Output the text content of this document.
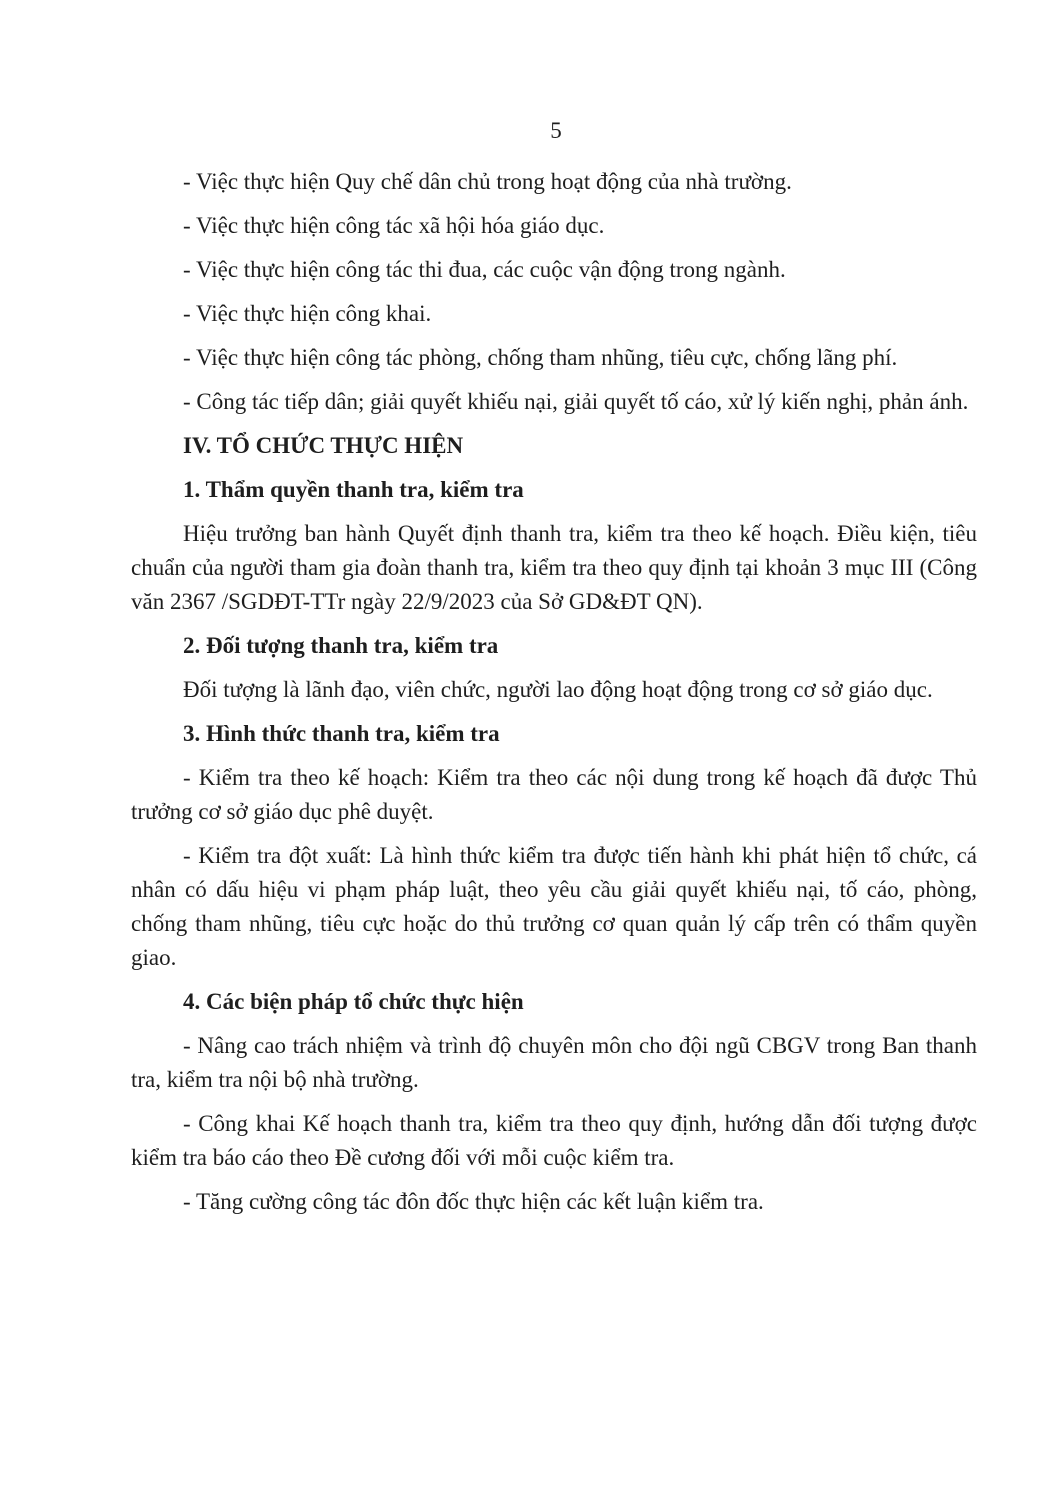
5

- Việc thực hiện Quy chế dân chủ trong hoạt động của nhà trường.

- Việc thực hiện công tác xã hội hóa giáo dục.

- Việc thực hiện công tác thi đua, các cuộc vận động trong ngành.

- Việc thực hiện công khai.

- Việc thực hiện công tác phòng, chống tham nhũng, tiêu cực, chống lãng phí.

- Công tác tiếp dân; giải quyết khiếu nại, giải quyết tố cáo, xử lý kiến nghị, phản ánh.

IV. TỔ CHỨC THỰC HIỆN

1. Thẩm quyền thanh tra, kiểm tra

Hiệu trưởng ban hành Quyết định thanh tra, kiểm tra theo kế hoạch. Điều kiện, tiêu chuẩn của người tham gia đoàn thanh tra, kiểm tra theo quy định tại khoản 3 mục III (Công văn 2367 /SGDĐT-TTr ngày 22/9/2023 của Sở GD&ĐT QN).

2. Đối tượng thanh tra, kiểm tra

Đối tượng là lãnh đạo, viên chức, người lao động hoạt động trong cơ sở giáo dục.

3. Hình thức thanh tra, kiểm tra

- Kiểm tra theo kế hoạch: Kiểm tra theo các nội dung trong kế hoạch đã được Thủ trưởng cơ sở giáo dục phê duyệt.

- Kiểm tra đột xuất: Là hình thức kiểm tra được tiến hành khi phát hiện tổ chức, cá nhân có dấu hiệu vi phạm pháp luật, theo yêu cầu giải quyết khiếu nại, tố cáo, phòng, chống tham nhũng, tiêu cực hoặc do thủ trưởng cơ quan quản lý cấp trên có thẩm quyền giao.

4. Các biện pháp tổ chức thực hiện

- Nâng cao trách nhiệm và trình độ chuyên môn cho đội ngũ CBGV trong Ban thanh tra, kiểm tra nội bộ nhà trường.

- Công khai Kế hoạch thanh tra, kiểm tra theo quy định, hướng dẫn đối tượng được kiểm tra báo cáo theo Đề cương đối với mỗi cuộc kiểm tra.

- Tăng cường công tác đôn đốc thực hiện các kết luận kiểm tra.
